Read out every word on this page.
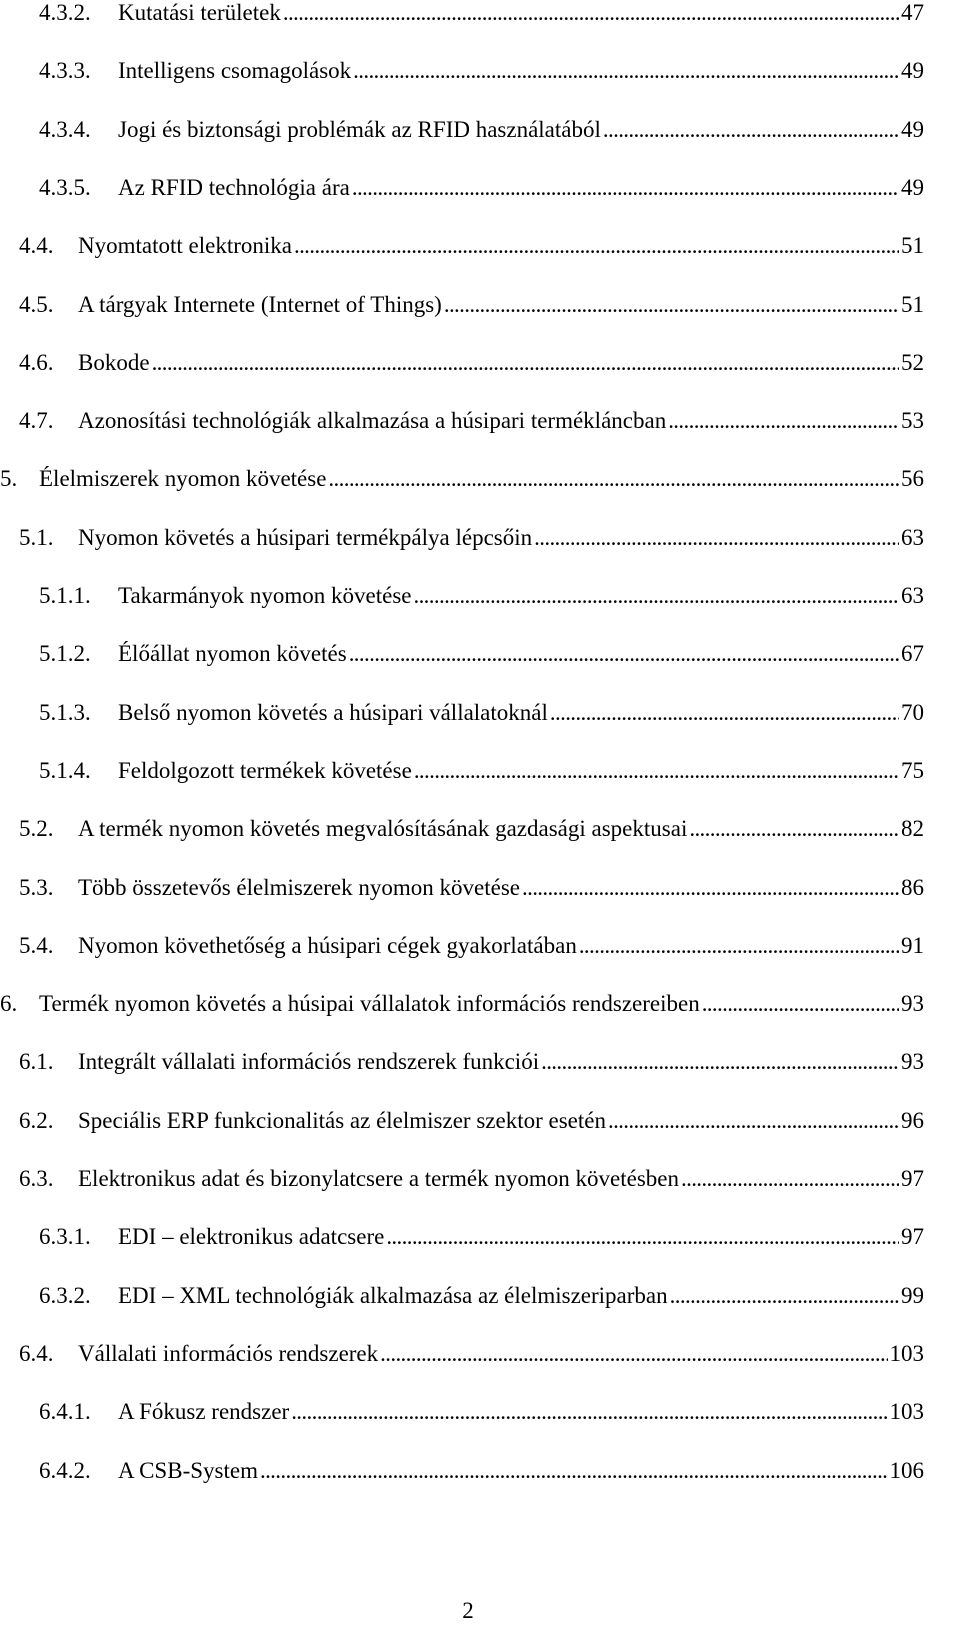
4.3.2.	Kutatási területek . . .	47
4.3.3.	Intelligens csomagolások . . .	49
4.3.4.	Jogi és biztonsági problémák az RFID használatából . . .	49
4.3.5.	Az RFID technológia ára . . .	49
4.4.	Nyomtatott elektronika . . .	51
4.5.	A tárgyak Internete (Internet of Things) . . .	51
4.6.	Bokode . . .	52
4.7.	Azonosítási technológiák alkalmazása a húsipari termékláncban . . .	53
5. Élelmiszerek nyomon követése . . .	56
5.1.	Nyomon követés a húsipari termékpálya lépcsőin . . .	63
5.1.1.	Takarmányok nyomon követése . . .	63
5.1.2.	Élőállat nyomon követés . . .	67
5.1.3.	Belső nyomon követés a húsipari vállalatoknál . . .	70
5.1.4.	Feldolgozott termékek követése . . .	75
5.2.	A termék nyomon követés megvalósításának gazdasági aspektusai . . .	82
5.3.	Több összetevős élelmiszerek nyomon követése . . .	86
5.4.	Nyomon követhetőség a húsipari cégek gyakorlatában . . .	91
6. Termék nyomon követés a húsipai vállalatok információs rendszereiben . . .	93
6.1.	Integrált vállalati információs rendszerek funkciói . . .	93
6.2.	Speciális ERP funkcionalitás az élelmiszer szektor esetén . . .	96
6.3.	Elektronikus adat és bizonylatcsere a termék nyomon követésben . . .	97
6.3.1.	EDI – elektronikus adatcsere . . .	97
6.3.2.	EDI – XML technológiák alkalmazása az élelmiszeriparban . . .	99
6.4.	Vállalati információs rendszerek . . .	103
6.4.1.	A Fókusz rendszer . . .	103
6.4.2.	A CSB-System . . .	106
2
